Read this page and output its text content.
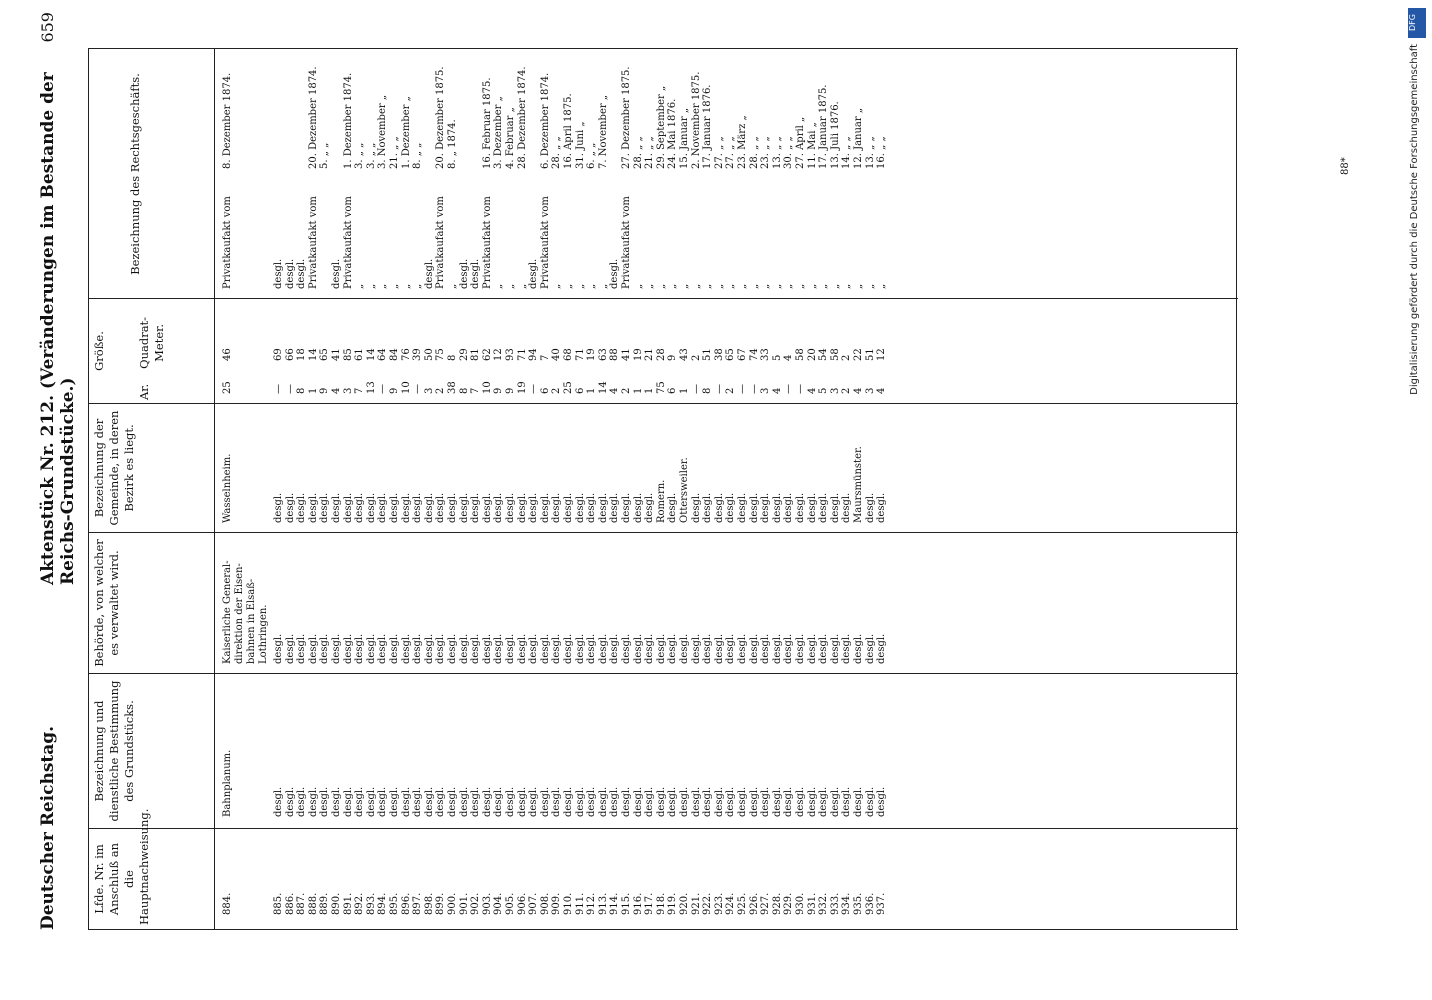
Deutscher Reichstag.
Aktenstück Nr. 212. (Veränderungen im Bestande der Reichs-Grundstücke.)
659
Lfde. Nr. im Anschluß an die Hauptnachweisung.
Bezeichnung und dienstliche Bestimmung des Grundstücks.
Behörde, von welcher es verwaltet wird.
Bezeichnung der Gemeinde, in deren Bezirk es liegt.
Größe.
Ar.
Quadrat-Meter.
Bezeichnung des Rechtsgeschäfts.
884.
Bahnplanum.
Kaiserliche General-direktion der Eisen-bahnen in Elsaß-Lothringen.
Wasselnheim.
25
46
Privatkaufakt vom
8. Dezember 1874.
885.
desgl.
desgl.
desgl.
—
69
desgl.
886.
desgl.
desgl.
desgl.
—
66
desgl.
887.
desgl.
desgl.
desgl.
8
18
desgl.
888.
desgl.
desgl.
desgl.
1
14
Privatkaufakt vom
20. Dezember 1874.
889.
desgl.
desgl.
desgl.
9
65
5. „ „
890.
desgl.
desgl.
desgl.
4
41
desgl.
891.
desgl.
desgl.
desgl.
3
85
Privatkaufakt vom
1. Dezember 1874.
892.
desgl.
desgl.
desgl.
7
61
„
3. „ „
893.
desgl.
desgl.
desgl.
13
14
„
3. „ „
894.
desgl.
desgl.
desgl.
—
64
„
3. November „
895.
desgl.
desgl.
desgl.
9
84
„
21. „ „
896.
desgl.
desgl.
desgl.
10
76
„
1. Dezember „
897.
desgl.
desgl.
desgl.
—
39
„
8. „ „
898.
desgl.
desgl.
desgl.
3
50
desgl.
899.
desgl.
desgl.
desgl.
2
75
Privatkaufakt vom
20. Dezember 1875.
900.
desgl.
desgl.
desgl.
38
8
„
8. „ 1874.
901.
desgl.
desgl.
desgl.
8
29
desgl.
902.
desgl.
desgl.
desgl.
7
81
desgl.
903.
desgl.
desgl.
desgl.
10
62
Privatkaufakt vom
16. Februar 1875.
904.
desgl.
desgl.
desgl.
9
12
„
3. Dezember „
905.
desgl.
desgl.
desgl.
9
93
„
4. Februar „
906.
desgl.
desgl.
desgl.
19
71
„
28. Dezember 1874.
907.
desgl.
desgl.
desgl.
—
94
desgl.
908.
desgl.
desgl.
desgl.
6
7
Privatkaufakt vom
6. Dezember 1874.
909.
desgl.
desgl.
desgl.
2
40
„
28. „ „
910.
desgl.
desgl.
desgl.
25
68
„
16. April 1875.
911.
desgl.
desgl.
desgl.
6
71
„
31. Juni „
912.
desgl.
desgl.
desgl.
1
19
„
6. „ „
913.
desgl.
desgl.
desgl.
14
63
„
7. November „
914.
desgl.
desgl.
desgl.
4
88
desgl.
915.
desgl.
desgl.
desgl.
2
41
Privatkaufakt vom
27. Dezember 1875.
916.
desgl.
desgl.
desgl.
1
19
„
28. „ „
917.
desgl.
desgl.
desgl.
1
21
„
21. „ „
918.
desgl.
desgl.
Romern.
75
28
„
29. September „
919.
desgl.
desgl.
desgl.
6
9
„
24. Mai 1876.
920.
desgl.
desgl.
Ottersweiler.
1
43
„
15. Januar „
921.
desgl.
desgl.
desgl.
—
2
„
2. November 1875.
922.
desgl.
desgl.
desgl.
8
51
„
17. Januar 1876.
923.
desgl.
desgl.
desgl.
—
38
„
27. „ „
924.
desgl.
desgl.
desgl.
2
65
„
27. „ „
925.
desgl.
desgl.
desgl.
—
67
„
23. März „
926.
desgl.
desgl.
desgl.
—
74
„
28. „ „
927.
desgl.
desgl.
desgl.
3
33
„
23. „ „
928.
desgl.
desgl.
desgl.
4
5
„
13. „ „
929.
desgl.
desgl.
desgl.
—
4
„
30. „ „
930.
desgl.
desgl.
desgl.
—
58
„
27. April „
931.
desgl.
desgl.
desgl.
4
20
„
11. Mai „
932.
desgl.
desgl.
desgl.
5
54
„
17. Januar 1875.
933.
desgl.
desgl.
desgl.
3
58
„
13. Juli 1876.
934.
desgl.
desgl.
desgl.
2
2
„
14. „ „
935.
desgl.
desgl.
Maursmünster.
4
22
„
12. Januar „
936.
desgl.
desgl.
desgl.
3
51
„
13. „ „
937.
desgl.
desgl.
desgl.
4
12
„
16. „ „	88*
DFG
Digitalisierung gefördert durch die Deutsche Forschungsgemeinschaft
